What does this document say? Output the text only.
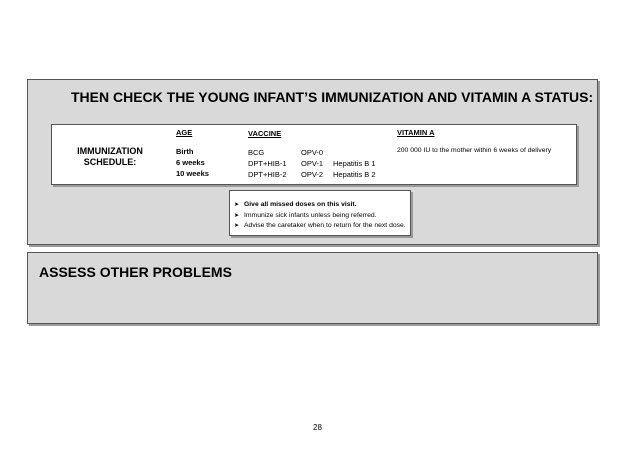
THEN CHECK THE YOUNG INFANT’S IMMUNIZATION AND VITAMIN A STATUS:
IMMUNIZATION
SCHEDULE:
AGE	VACCINE	VITAMIN A
Birth
6 weeks
10 weeks
BCG
DPT+HIB-1
DPT+HIB-2
OPV-0
OPV-1
OPV-2
Hepatitis B 1
Hepatitis B 2
200 000 IU to the mother within 6 weeks of delivery
➤ Give all missed doses on this visit.
➤ Immunize sick infants unless being referred.
➤ Advise the caretaker when to return for the next dose.
ASSESS OTHER PROBLEMS
28
